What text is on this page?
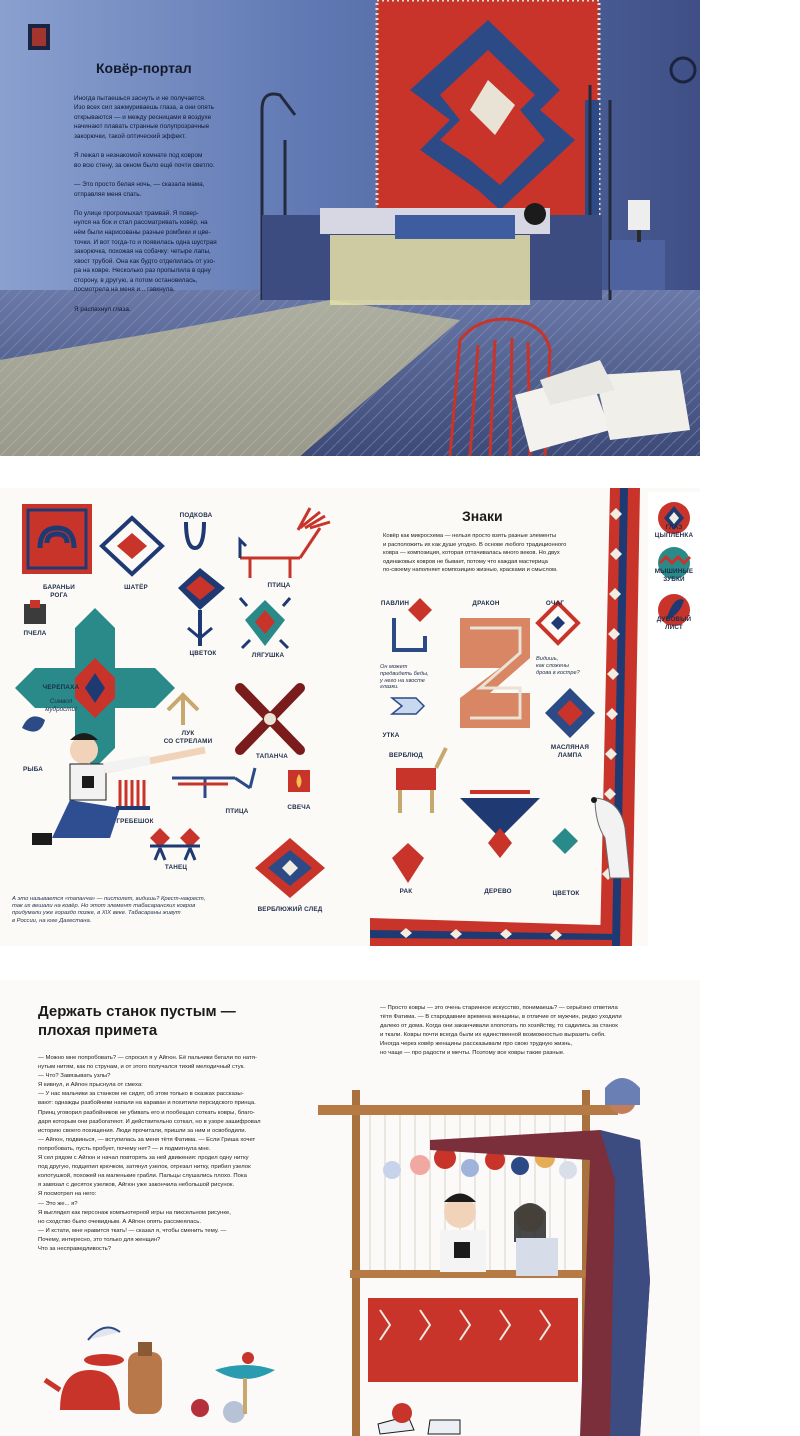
Ковёр-портал

Иногда пытаешься заснуть и не получается.
Изо всех сил зажмуриваешь глаза, а они опять
открываются — и между ресницами в воздухе
начинают плавать странные полупрозрачные
закорючки, такой оптический эффект.

Я лежал в незнакомой комнате под ковром
во всю стену, за окном было ещё почти светло.

— Это просто белая ночь, — сказала мама,
отправляя меня спать.

По улице прогромыхал трамвай. Я повер-
нулся на бок и стал рассматривать ковёр, на
нём были нарисованы разные ромбики и цве-
точки. И вот тогда-то и появилась одна шустрая
закорючка, похожая на собачку: четыре лапы,
хвост трубой. Она как будто отделилась от узо-
ра на ковре. Несколько раз пропылила в одну
сторону, в другую, а потом остановилась,
посмотрела на меня и... гавкнула.

Я распахнул глаза.

ГЛАЗ
ЦЫПЛЁНКА
МЫШИНЫЕ
ЗУБКИ
ДУБОВЫЙ
ЛИСТ
Знаки
Ковёр как микросхема — нельзя просто взять разные элементы
и расположить их как душе угодно. В основе любого традиционного
ковра — композиция, которая оттачивалась много веков. Но двух
одинаковых ковров не бывает, потому что каждая мастерица
по-своему наполняет композицию жизнью, красками и смыслом.
БАРАНЬИ
РОГА
ШАТЁР
ПОДКОВА
ПТИЦА
ПЧЕЛА
ЦВЕТОК	ЛЯГУШКА
ЧЕРЕПАХА
Символ
мудрости!
ЛУК
СО СТРЕЛАМИ
ТАПАНЧА
РЫБА
ГРЕБЕШОК
ПТИЦА
СВЕЧА
ТАНЕЦ
ВЕРБЛЮЖИЙ СЛЕД
А это называется «тапанча» — пистолет, видишь? Крест-накрест,
так их вешали на ковёр. Но этот элемент табасаранских ковров
придумали уже гораздо позже, в XIX веке. Табасараны живут
в России, на юге Дагестана.
ПАВЛИН
Он может
предвидеть беды,
у него на хвосте
глазки.
ДРАКОН	ОЧАГ
Видишь,
как сложены
дрова в костре?
УТКА
ВЕРБЛЮД
МАСЛЯНАЯ
ЛАМПА
РАК	ДЕРЕВО	ЦВЕТОК
Держать станок пустым —
плохая примета
— Можно мне попробовать? — спросил я у Айгюн. Её пальчики бегали по натя-
нутым нитям, как по струнам, и от этого получался тихий мелодичный стук.
— Что? Завязывать узлы?
Я кивнул, и Айгюн прыснула от смеха:
— У нас мальчики за станком не сидят, об этом только в сказках рассказы-
вают: однажды разбойники напали на караван и похитили персидского принца.
Принц уговорил разбойников не убивать его и пообещал соткать ковры, благо-
даря которым они разбогатеют. И действительно соткал, но в узоре зашифровал
историю своего похищения. Люди прочитали, пришли за ним и освободили.
— Айгюн, подвинься, — вступилась за меня тётя Фатима. — Если Гриша хочет
попробовать, пусть пробует, почему нет? — и подмигнула мне.
Я сел рядом с Айгюн и начал повторять за ней движения: продел одну нитку
под другую, подцепил крючком, затянул узелок, отрезал нитку, прибил узелок
колотушкой, похожей на маленькие грабли. Пальцы слушались плохо. Пока
я завязал с десяток узелков, Айгюн уже закончила небольшой рисунок.
Я посмотрел на него:
— Это же... я?
Я выглядел как персонаж компьютерной игры на пиксельном рисунке,
но сходство было очевидным. А Айгюн опять рассмеялась.
— И кстати, мне нравится ткать! — сказал я, чтобы сменить тему. —
Почему, интересно, это только для женщин?
Что за несправедливость?
— Просто ковры — это очень старинное искусство, понимаешь? — серьёзно ответила
тётя Фатима. — В стародавние времена женщины, в отличие от мужчин, редко уходили
далеко от дома. Когда они заканчивали хлопотать по хозяйству, то садились за станок
и ткали. Ковры почти всегда были их единственной возможностью выразить себя.
Иногда через ковёр женщины рассказывали про свою трудную жизнь,
но чаще — про радости и мечты. Поэтому все ковры такие разные.
